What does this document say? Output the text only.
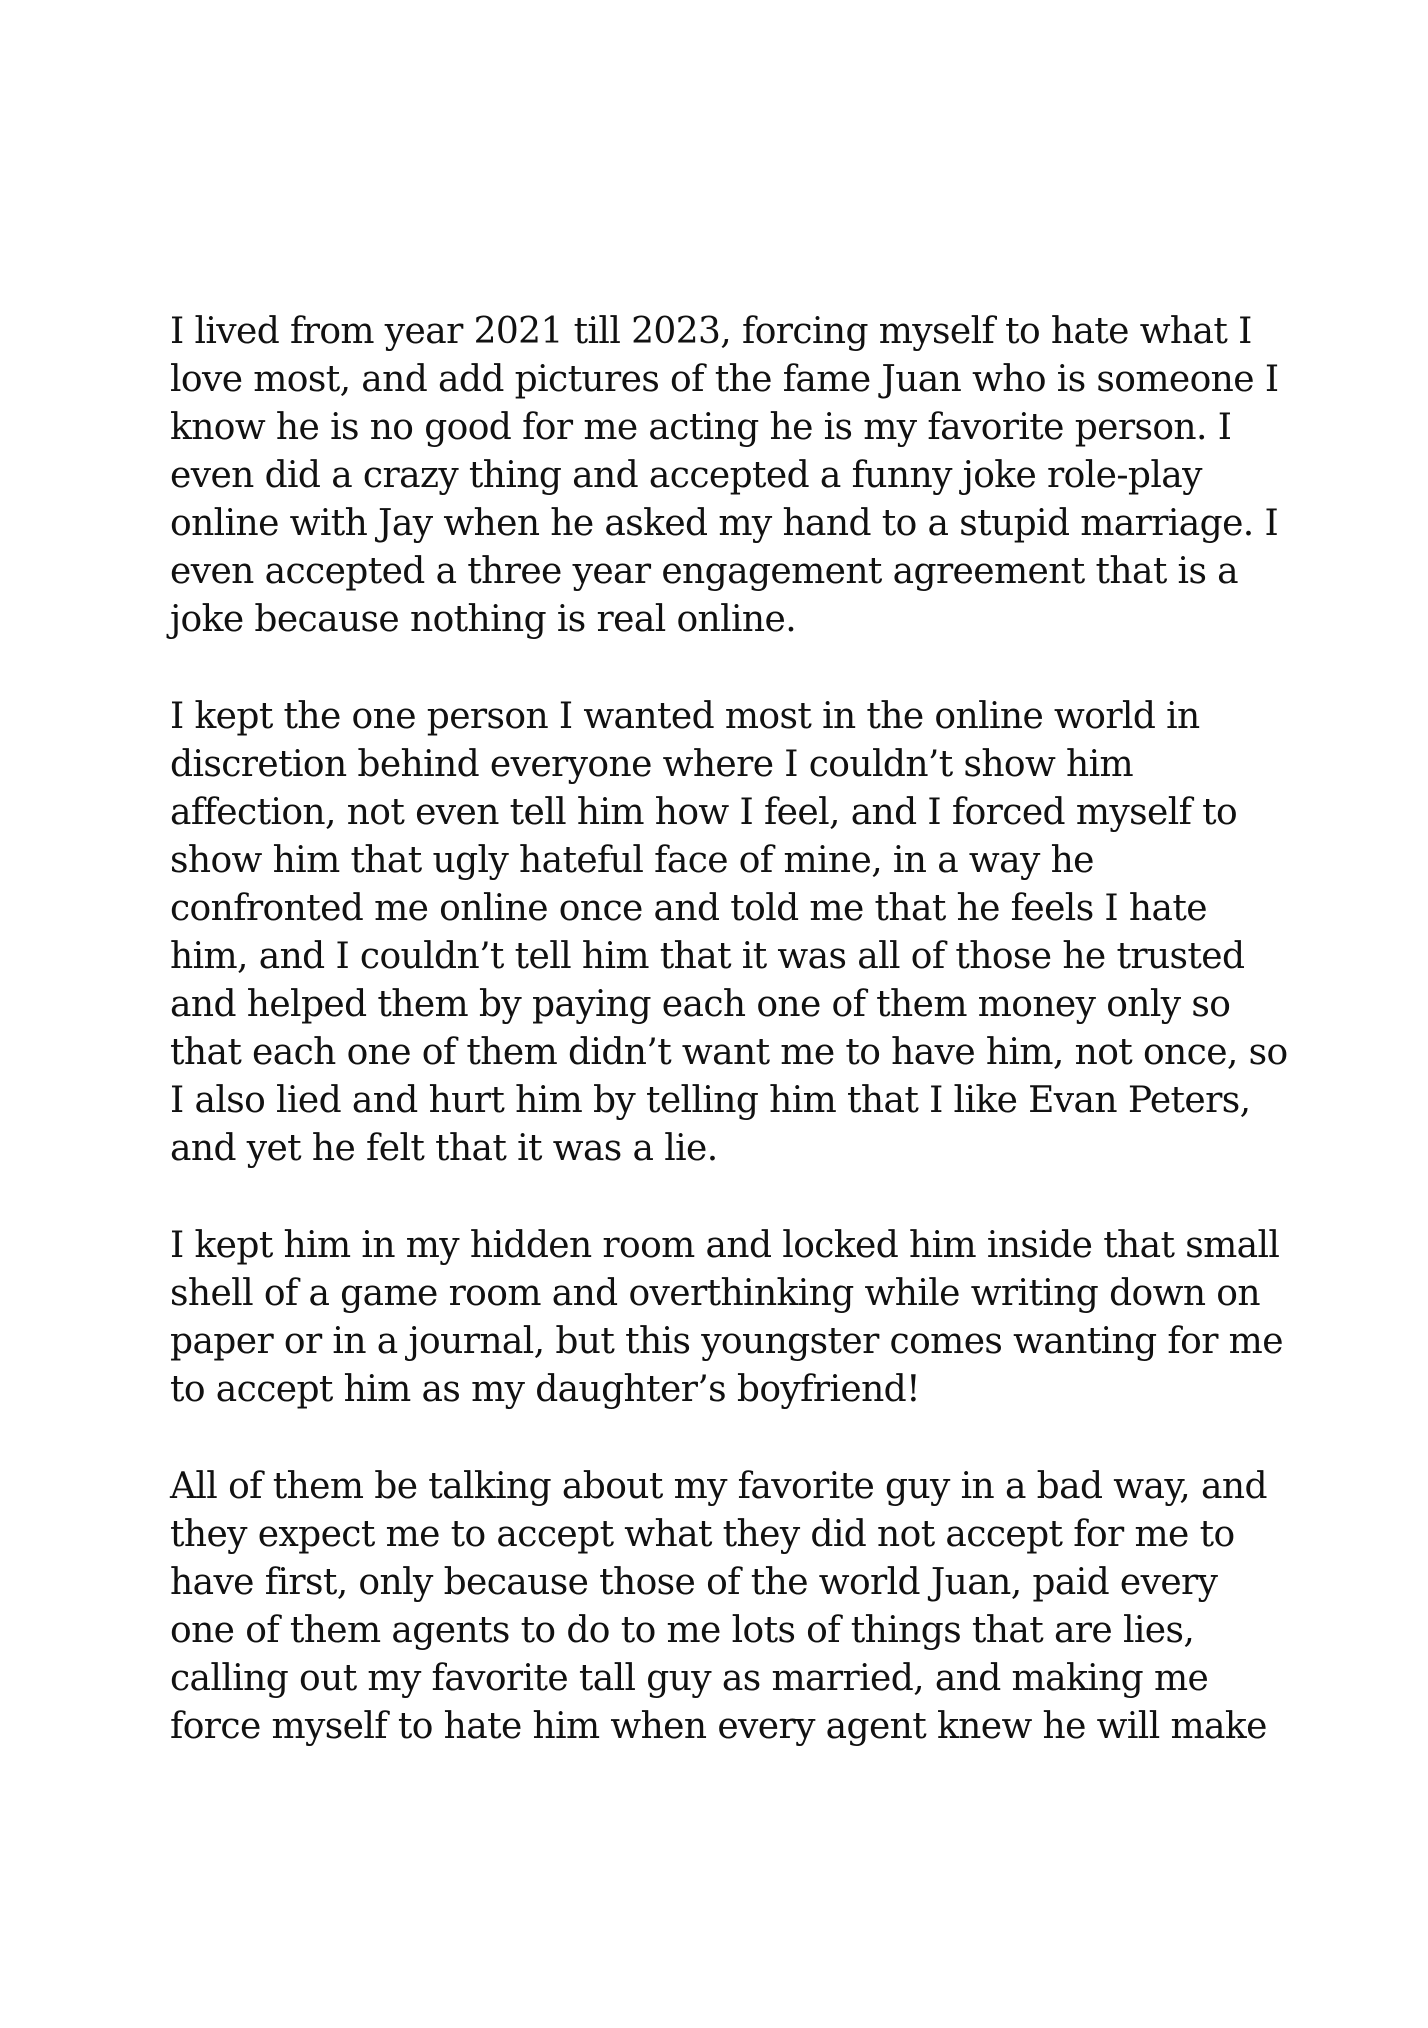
I lived from year 2021 till 2023, forcing myself to hate what I
love most, and add pictures of the fame Juan who is someone I
know he is no good for me acting he is my favorite person. I
even did a crazy thing and accepted a funny joke role-play
online with Jay when he asked my hand to a stupid marriage. I
even accepted a three year engagement agreement that is a
joke because nothing is real online.
I kept the one person I wanted most in the online world in
discretion behind everyone where I couldn’t show him
affection, not even tell him how I feel, and I forced myself to
show him that ugly hateful face of mine, in a way he
confronted me online once and told me that he feels I hate
him, and I couldn’t tell him that it was all of those he trusted
and helped them by paying each one of them money only so
that each one of them didn’t want me to have him, not once, so
I also lied and hurt him by telling him that I like Evan Peters,
and yet he felt that it was a lie.
I kept him in my hidden room and locked him inside that small
shell of a game room and overthinking while writing down on
paper or in a journal, but this youngster comes wanting for me
to accept him as my daughter’s boyfriend!
All of them be talking about my favorite guy in a bad way, and
they expect me to accept what they did not accept for me to
have first, only because those of the world Juan, paid every
one of them agents to do to me lots of things that are lies,
calling out my favorite tall guy as married, and making me
force myself to hate him when every agent knew he will make
